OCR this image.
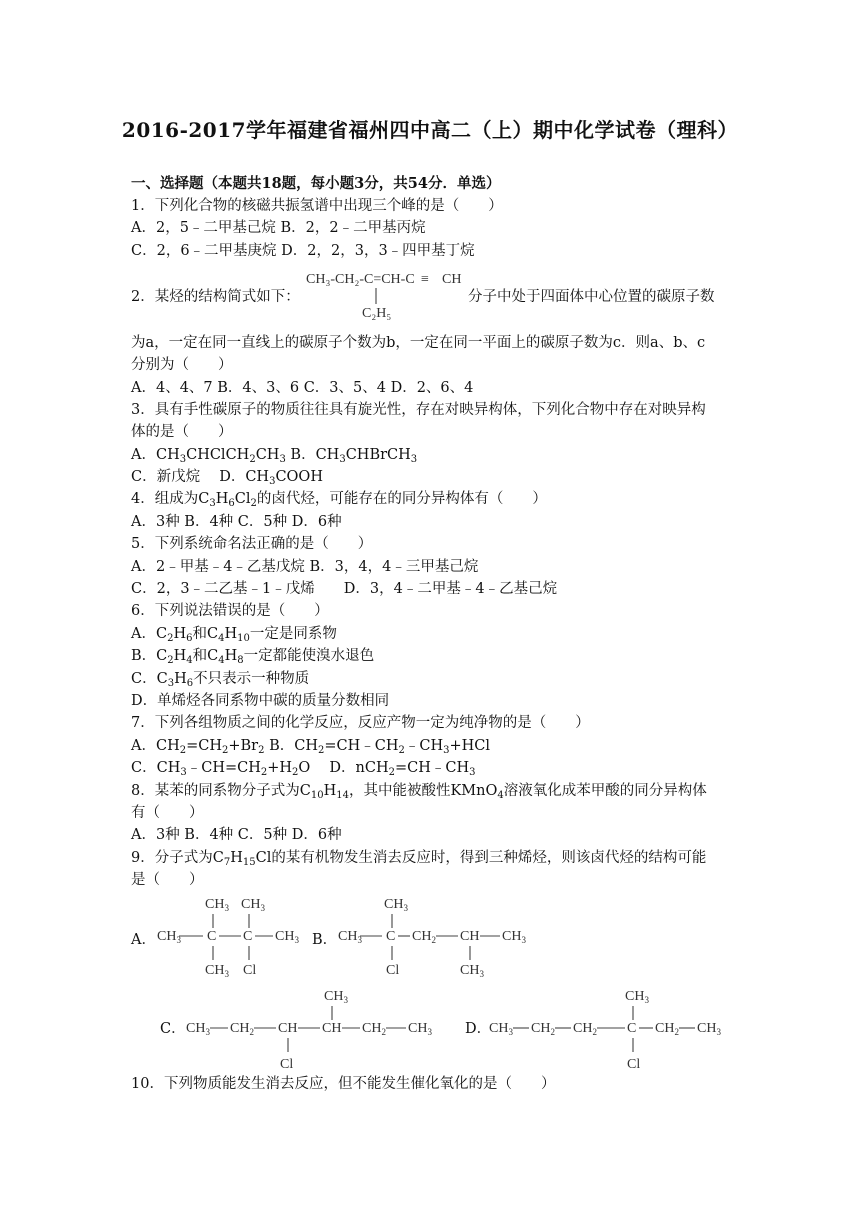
2016-2017学年福建省福州四中高二（上）期中化学试卷（理科）
一、选择题（本题共18题，每小题3分，共54分．单选）
1．下列化合物的核磁共振氢谱中出现三个峰的是（　　）
A．2，5﹣二甲基己烷 B．2，2﹣二甲基丙烷
C．2，6﹣二甲基庚烷 D．2，2，3，3﹣四甲基丁烷
2．某烃的结构简式如下：
CH₃-CH₂-C=CH-C ≡ CH
C₂H₅
分子中处于四面体中心位置的碳原子数
为a，一定在同一直线上的碳原子个数为b，一定在同一平面上的碳原子数为c．则a、b、c
分别为（　　）
A．4、4、7 B．4、3、6 C．3、5、4 D．2、6、4
3．具有手性碳原子的物质往往具有旋光性，存在对映异构体，下列化合物中存在对映异构
体的是（　　）
A．$CH_3CHClCH_2CH_3$ B．$CH_3CHBrCH_3$
C．新戊烷　 D．$CH_3COOH$
4．组成为$C_3H_6Cl_2$的卤代烃，可能存在的同分异构体有（　　）
A．3种 B．4种 C．5种 D．6种
5．下列系统命名法正确的是（　　）
A．2﹣甲基﹣4﹣乙基戊烷 B．3，4，4﹣三甲基己烷
C．2，3﹣二乙基﹣1﹣戊烯　　D．3，4﹣二甲基﹣4﹣乙基己烷
6．下列说法错误的是（　　）
A．$C_2H_6$和$C_4H_{10}$一定是同系物
B．$C_2H_4$和$C_4H_8$一定都能使溴水退色
C．$C_3H_6$不只表示一种物质
D．单烯烃各同系物中碳的质量分数相同
7．下列各组物质之间的化学反应，反应产物一定为纯净物的是（　　）
A．$CH_2=CH_2+Br_2$ B．$CH_2=CH﹣CH_2﹣CH_3+HCl$
C．$CH_3﹣CH=CH_2+H_2O$　 D．$nCH_2=CH﹣CH_3$
8．某苯的同系物分子式为$C_{10}H_{14}$，其中能被酸性KMnO$_4$溶液氧化成苯甲酸的同分异构体
有（　　）
A．3种 B．4种 C．5种 D．6种
9．分子式为$C_7H_{15}Cl$的某有机物发生消去反应时，得到三种烯烃，则该卤代烃的结构可能
是（　　）
A．
$CH_3$ $CH_3$
$CH_3$ C C $CH_3$
$CH_3$ Cl
B．
$CH_3$
$CH_3$ C $CH_2$ CH $CH_3$
Cl	$CH_3$
C．
$CH_3$
$CH_3$ $CH_2$ CH CH $CH_2$ $CH_3$
Cl
D．
$CH_3$
$CH_3$ $CH_2$ $CH_2$ C $CH_2$ $CH_3$
Cl
10．下列物质能发生消去反应，但不能发生催化氧化的是（　　）
